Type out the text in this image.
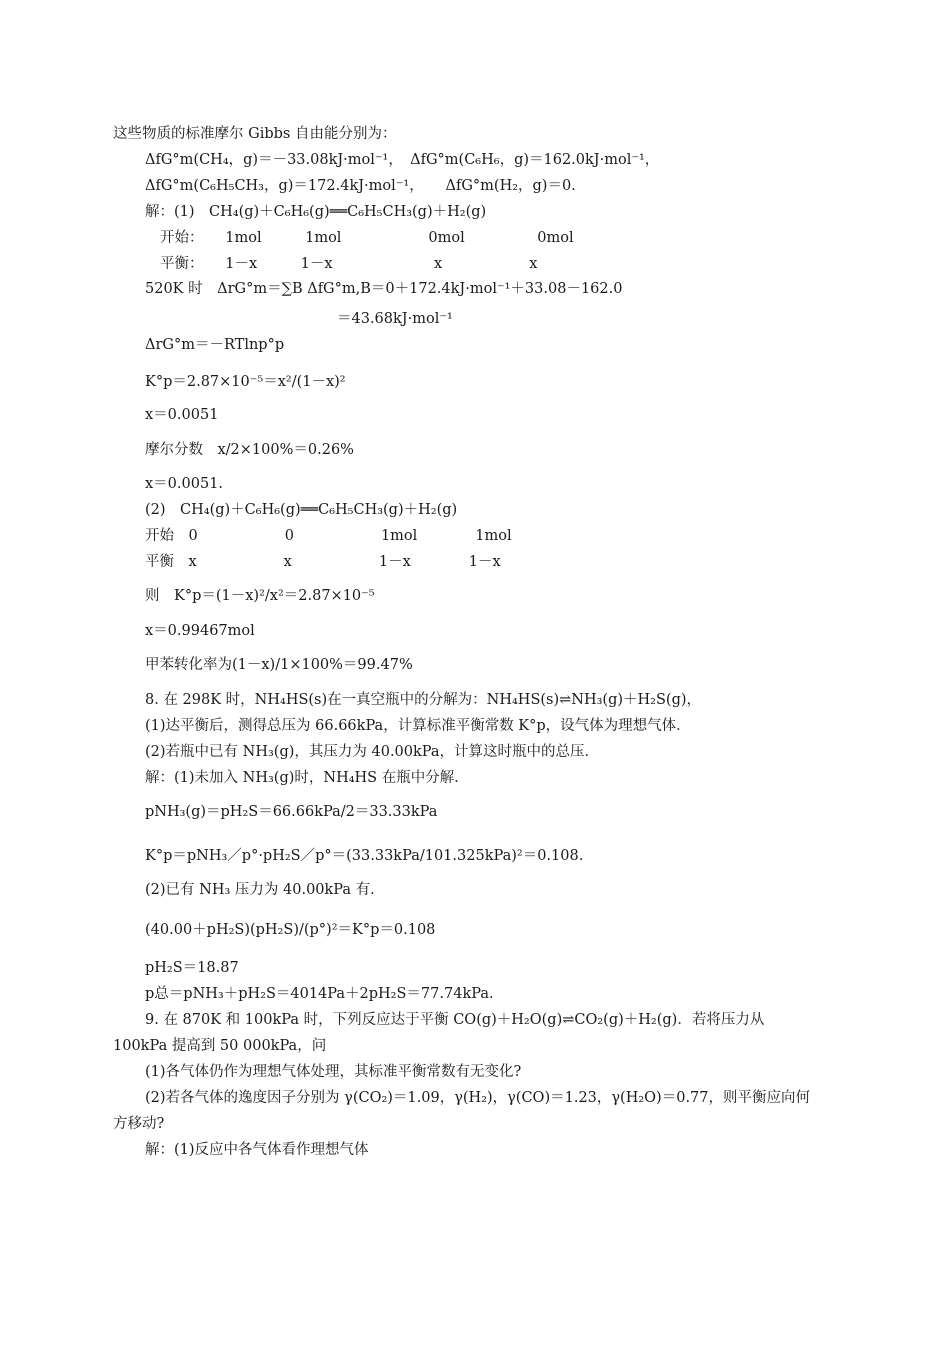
这些物质的标准摩尔 Gibbs 自由能分别为：
ΔfG°m(CH₄，g)＝－33.08kJ·mol⁻¹，　ΔfG°m(C₆H₆，g)＝162.0kJ·mol⁻¹，
ΔfG°m(C₆H₅CH₃，g)＝172.4kJ·mol⁻¹，　　ΔfG°m(H₂，g)＝0.
解：(1)　CH₄(g)＋C₆H₆(g)══C₆H₅CH₃(g)＋H₂(g)
开始：　　1mol　　　1mol　　　　　　0mol　　　　　0mol
平衡：　　1－x　　　1－x　　　　　　　x　　　　　　x
520K 时　ΔrG°m＝∑B ΔfG°m,B＝0＋172.4kJ·mol⁻¹＋33.08－162.0
＝43.68kJ·mol⁻¹
ΔrG°m＝－RTlnp°p
K°p＝2.87×10⁻⁵＝x²/(1－x)²
x＝0.0051
摩尔分数　x/2×100%＝0.26%
x＝0.0051.
(2)　CH₄(g)＋C₆H₆(g)══C₆H₅CH₃(g)＋H₂(g)
开始　0　　　　　　0　　　　　　1mol　　　　1mol
平衡　x　　　　　　x　　　　　　1－x　　　　1－x
则　K°p＝(1－x)²/x²＝2.87×10⁻⁵
x＝0.99467mol
甲苯转化率为(1－x)/1×100%＝99.47%
8. 在 298K 时，NH₄HS(s)在一真空瓶中的分解为：NH₄HS(s)⇌NH₃(g)＋H₂S(g)，
(1)达平衡后，测得总压为 66.66kPa，计算标准平衡常数 K°p，设气体为理想气体．
(2)若瓶中已有 NH₃(g)，其压力为 40.00kPa，计算这时瓶中的总压．
解：(1)未加入 NH₃(g)时，NH₄HS 在瓶中分解．
pNH₃(g)＝pH₂S＝66.66kPa/2＝33.33kPa
K°p＝pNH₃／p°·pH₂S／p°＝(33.33kPa/101.325kPa)²＝0.108.
(2)已有 NH₃ 压力为 40.00kPa 有．
(40.00＋pH₂S)(pH₂S)/(p°)²＝K°p＝0.108
pH₂S＝18.87
p总＝pNH₃＋pH₂S＝4014Pa＋2pH₂S＝77.74kPa.
9. 在 870K 和 100kPa 时，下列反应达于平衡 CO(g)＋H₂O(g)⇌CO₂(g)＋H₂(g)．若将压力从
100kPa 提高到 50 000kPa，问
(1)各气体仍作为理想气体处理，其标准平衡常数有无变化?
(2)若各气体的逸度因子分别为 γ(CO₂)＝1.09，γ(H₂)，γ(CO)＝1.23，γ(H₂O)＝0.77，则平衡应向何
方移动?
解：(1)反应中各气体看作理想气体
